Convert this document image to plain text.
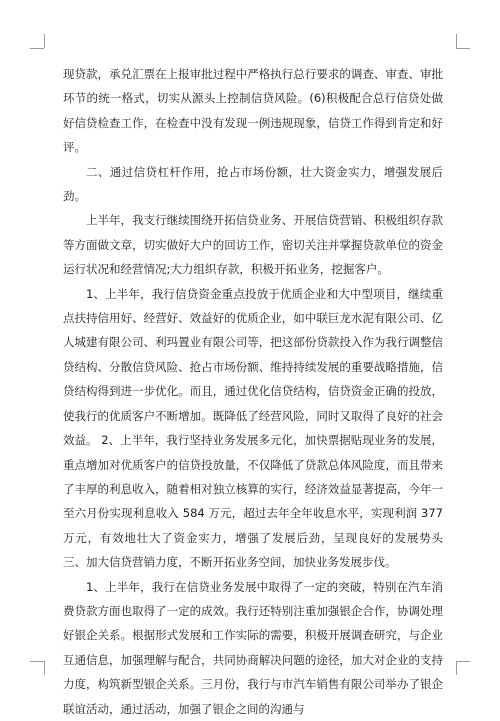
现贷款，承兑汇票在上报审批过程中严格执行总行要求的调查、审查、审批环节的统一格式，切实从源头上控制信贷风险。(6)积极配合总行信贷处做好信贷检查工作，在检查中没有发现一例违规现象，信贷工作得到肯定和好评。

二、通过信贷杠杆作用，抢占市场份额，壮大资金实力，增强发展后劲。

上半年，我支行继续围绕开拓信贷业务、开展信贷营销、积极组织存款等方面做文章，切实做好大户的回访工作，密切关注并掌握贷款单位的资金运行状况和经营情况;大力组织存款，积极开拓业务，挖掘客户。

1、上半年，我行信贷资金重点投放于优质企业和大中型项目，继续重点扶持信用好、经营好、效益好的优质企业，如中联巨龙水泥有限公司、亿人城建有限公司、利玛置业有限公司等，把这部份贷款投入作为我行调整信贷结构、分散信贷风险、抢占市场份额、维持持续发展的重要战略措施，信贷结构得到进一步优化。而且，通过优化信贷结构，信贷资金正确的投放，使我行的优质客户不断增加。既降低了经营风险，同时又取得了良好的社会效益。 2、上半年，我行坚持业务发展多元化，加快票据贴现业务的发展，重点增加对优质客户的信贷投放量，不仅降低了贷款总体风险度，而且带来了丰厚的利息收入，随着相对独立核算的实行，经济效益显著提高，今年一至六月份实现利息收入 584 万元，超过去年全年收息水平，实现利润 377 万元，有效地壮大了资金实力，增强了发展后劲，呈现良好的发展势头 三、加大信贷营销力度，不断开拓业务空间，加快业务发展步伐。

1、上半年，我行在信贷业务发展中取得了一定的突破，特别在汽车消费贷款方面也取得了一定的成效。我行还特别注重加强银企合作，协调处理好银企关系。根据形式发展和工作实际的需要，积极开展调查研究，与企业互通信息，加强理解与配合，共同协商解决问题的途径，加大对企业的支持力度，构筑新型银企关系。三月份，我行与市汽车销售有限公司举办了银企联谊活动，通过活动，加强了银企之间的沟通与
